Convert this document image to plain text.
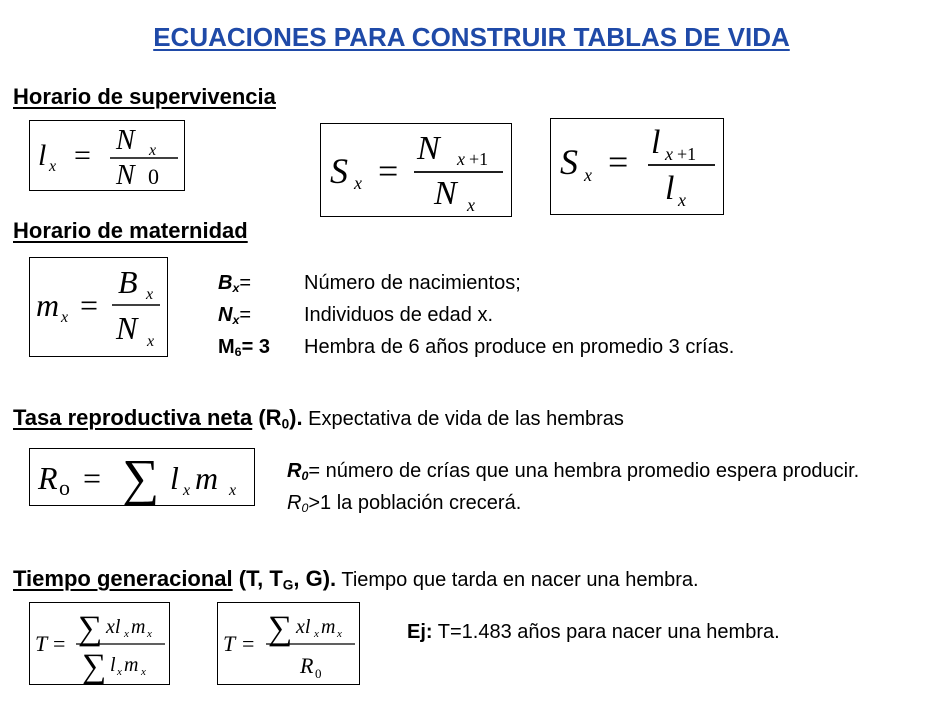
ECUACIONES PARA CONSTRUIR TABLAS DE VIDA
Horario de supervivencia
l x = N x
N 0	S x =
N x +1
N x
S x = l x +1
l x
Horario de maternidad
m x =
B x
N x
$B_x=$	Número de nacimientos;
$N_x=$	Individuos de edad x.
$M_6= 3$	Hembra de 6 años produce en promedio 3 crías.
Tasa reproductiva neta $(R_0)$. Expectativa de vida de las hembras
R o = ∑ l x m x
$R_0=$ número de crías que una hembra promedio espera producir.
$R_0>1$ la población crecerá.
Tiempo generacional (T, $T_G$, G). Tiempo que tarda en nacer una hembra.
T = ∑ xl x m x
∑ l x m x
T = ∑ xl x m x
R 0
Ej: T=1.483 años para nacer una hembra.
